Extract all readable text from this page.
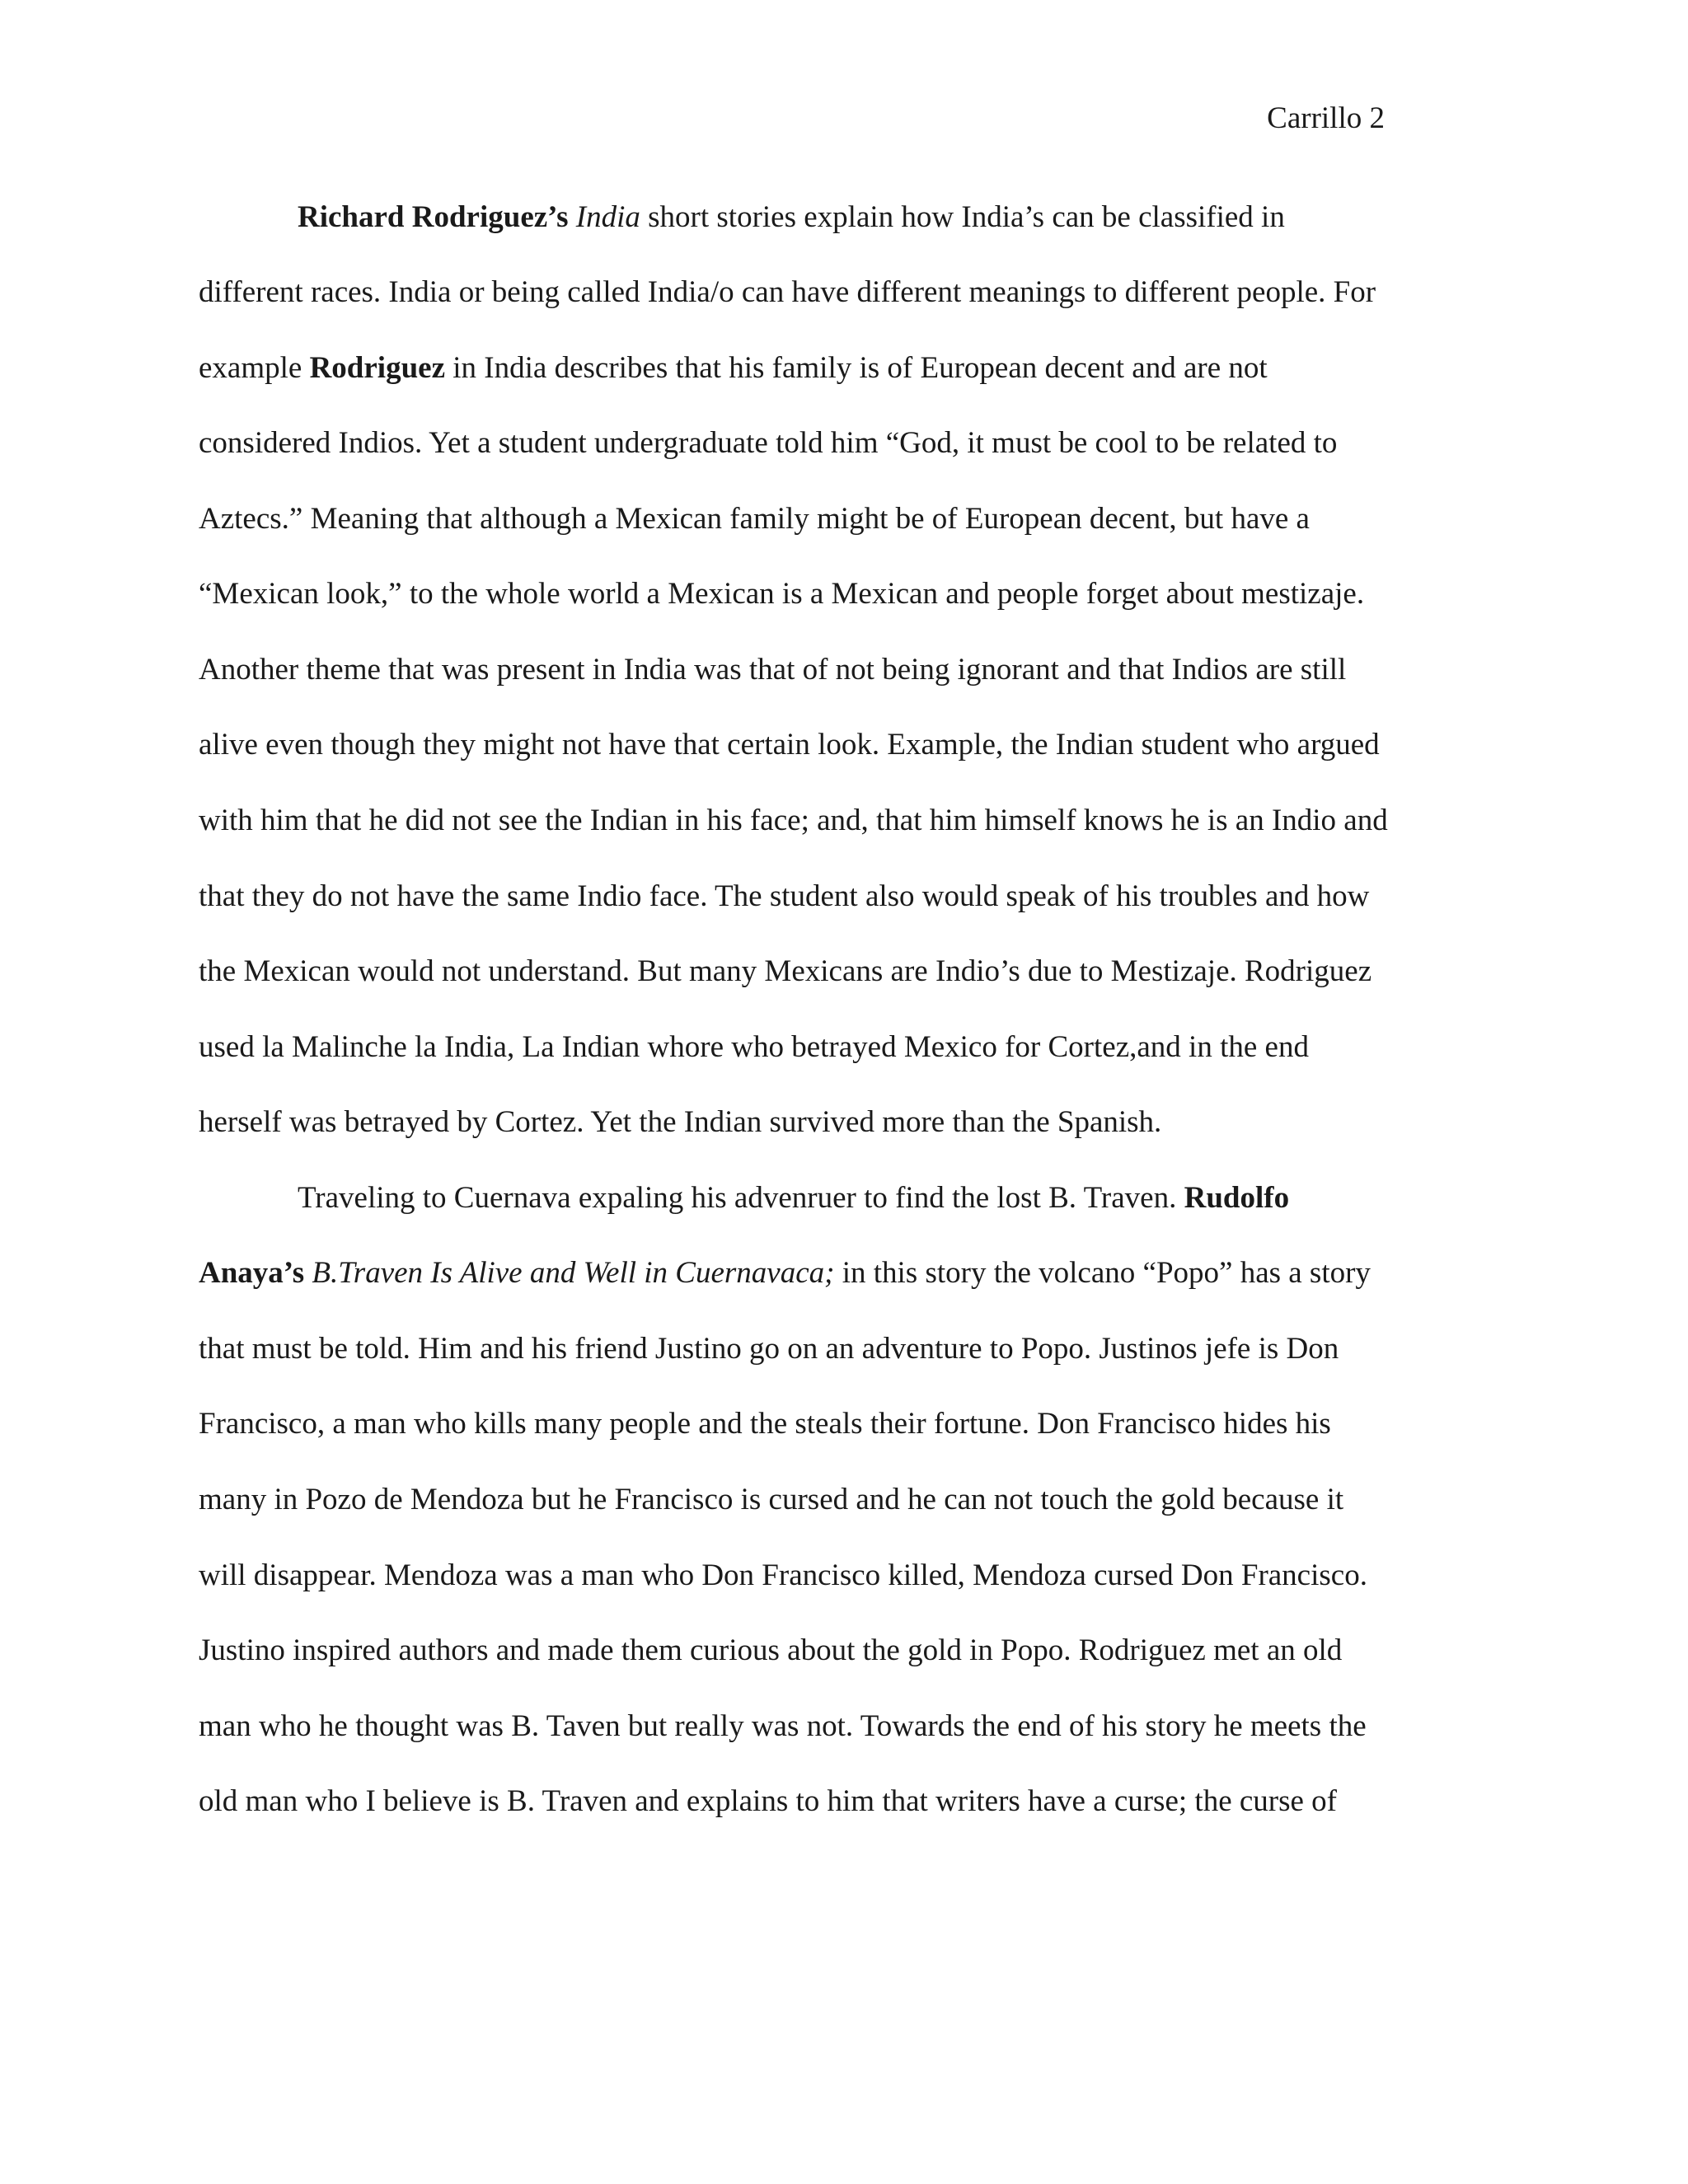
Carrillo 2
Richard Rodriguez’s India short stories explain how India’s can be classified in
different races. India or being called India/o can have different meanings to different people. For
example Rodriguez in India describes that his family is of European decent and are not
considered Indios. Yet a student undergraduate told him “God, it must be cool to be related to
Aztecs.” Meaning that although a Mexican family might be of European decent, but have a
“Mexican look,” to the whole world a Mexican is a Mexican and people forget about mestizaje.
Another theme that was present in India was that of not being ignorant and that Indios are still
alive even though they might not have that certain look. Example, the Indian student who argued
with him that he did not see the Indian in his face; and, that him himself knows he is an Indio and
that they do not have the same Indio face. The student also would speak of his troubles and how
the Mexican would not understand. But many Mexicans are Indio’s due to Mestizaje. Rodriguez
used la Malinche la India, La Indian whore who betrayed Mexico for Cortez,and in the end
herself was betrayed by Cortez. Yet the Indian survived more than the Spanish.
Traveling to Cuernava expaling his advenruer to find the lost B. Traven. Rudolfo
Anaya’s B.Traven Is Alive and Well in Cuernavaca; in this story the volcano “Popo” has a story
that must be told. Him and his friend Justino go on an adventure to Popo. Justinos jefe is Don
Francisco, a man who kills many people and the steals their fortune. Don Francisco hides his
many in Pozo de Mendoza but he Francisco is cursed and he can not touch the gold because it
will disappear. Mendoza was a man who Don Francisco killed, Mendoza cursed Don Francisco.
Justino inspired authors and made them curious about the gold in Popo. Rodriguez met an old
man who he thought was B. Taven but really was not. Towards the end of his story he meets the
old man who I believe is B. Traven and explains to him that writers have a curse; the curse of
